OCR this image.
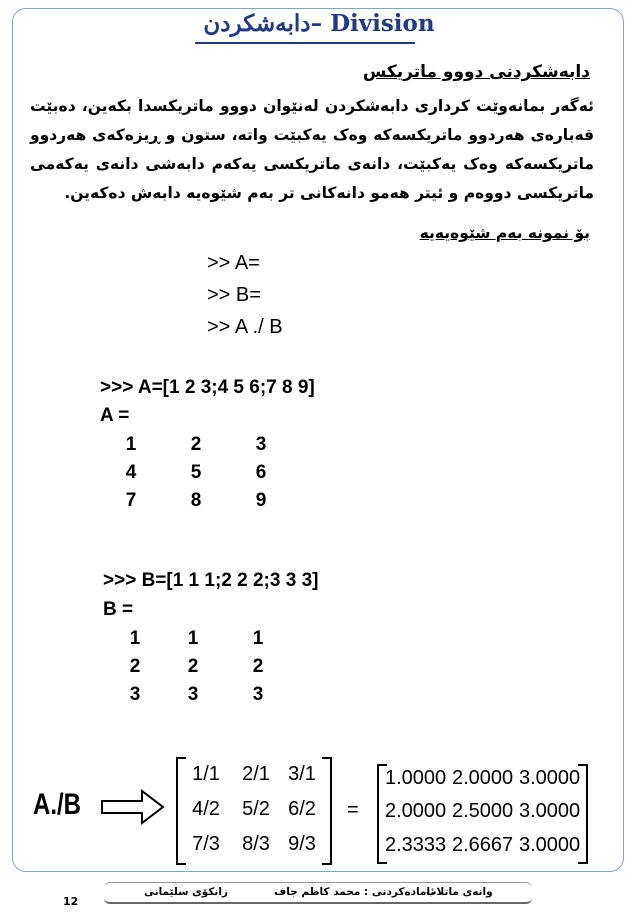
دابەشکردن– Division
دابەشکردنی دووو ماتریکس
ئەگەر بمانەوێت کرداری دابەشکردن لەنێوان دووو ماتریکسدا بکەین، دەبێت قەبارەی هەردوو ماتریکسەکە وەک یەکبێت واتە، ستون و ڕیزەکەی هەردوو ماتریکسەکە وەک یەکبێت، دانەی ماتریکسی یەکەم دابەشی دانەی یەکەمی ماتریکسی دووەم و ئیتر هەمو دانەکانی تر بەم شێوەیە دابەش دەکەین.
بۆ نمونە بەم شێوەیەیە
>> A=
>> B=
>> A ./ B
>>> A=[1 2 3;4 5 6;7 8 9]
A =
1	2	3
4	5	6
7	8	9
>>> B=[1 1 1;2 2 2;3 3 3]
B =
1	1	1
2	2	2
3	3	3
A./B
1/1	2/1 3/1
4/2	5/2 6/2
7/3	8/3 9/3
=
1.0000 2.0000 3.0000
2.0000 2.5000 3.0000
2.3333 2.6667 3.0000
زانکۆی سلێمانی	ئامادەکردنی : محمد کاظم جاف
وانەی ماتلاب
12
